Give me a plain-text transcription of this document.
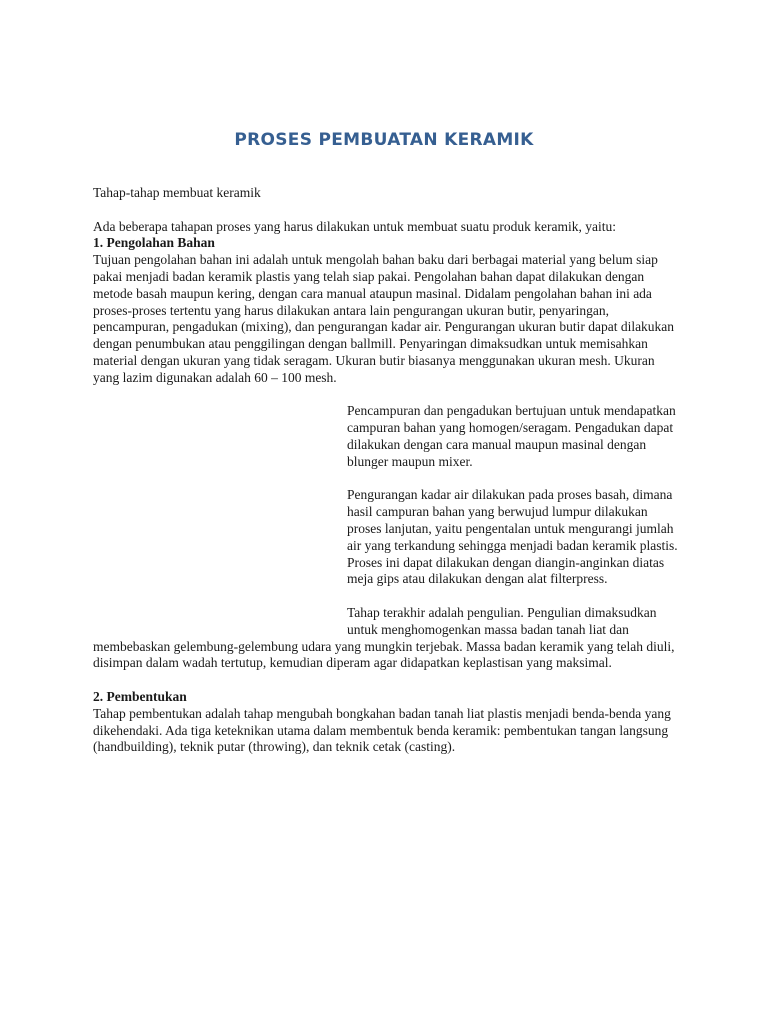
PROSES PEMBUATAN KERAMIK

Tahap-tahap membuat keramik

Ada beberapa tahapan proses yang harus dilakukan untuk membuat suatu produk keramik, yaitu:

1. Pengolahan Bahan

Tujuan pengolahan bahan ini adalah untuk mengolah bahan baku dari berbagai material yang belum siap pakai menjadi badan keramik plastis yang telah siap pakai. Pengolahan bahan dapat dilakukan dengan metode basah maupun kering, dengan cara manual ataupun masinal. Didalam pengolahan bahan ini ada proses-proses tertentu yang harus dilakukan antara lain pengurangan ukuran butir, penyaringan, pencampuran, pengadukan (mixing), dan pengurangan kadar air. Pengurangan ukuran butir dapat dilakukan dengan penumbukan atau penggilingan dengan ballmill. Penyaringan dimaksudkan untuk memisahkan material dengan ukuran yang tidak seragam. Ukuran butir biasanya menggunakan ukuran mesh. Ukuran yang lazim digunakan adalah 60 – 100 mesh.

Pencampuran dan pengadukan bertujuan untuk mendapatkan campuran bahan yang homogen/seragam. Pengadukan dapat dilakukan dengan cara manual maupun masinal dengan blunger maupun mixer.

Pengurangan kadar air dilakukan pada proses basah, dimana hasil campuran bahan yang berwujud lumpur dilakukan proses lanjutan, yaitu pengentalan untuk mengurangi jumlah air yang terkandung sehingga menjadi badan keramik plastis. Proses ini dapat dilakukan dengan diangin-anginkan diatas meja gips atau dilakukan dengan alat filterpress.

Tahap terakhir adalah pengulian. Pengulian dimaksudkan untuk menghomogenkan massa badan tanah liat dan membebaskan gelembung-gelembung udara yang mungkin terjebak. Massa badan keramik yang telah diuli, disimpan dalam wadah tertutup, kemudian diperam agar didapatkan keplastisan yang maksimal.

2. Pembentukan

Tahap pembentukan adalah tahap mengubah bongkahan badan tanah liat plastis menjadi benda-benda yang dikehendaki. Ada tiga keteknikan utama dalam membentuk benda keramik: pembentukan tangan langsung (handbuilding), teknik putar (throwing), dan teknik cetak (casting).
